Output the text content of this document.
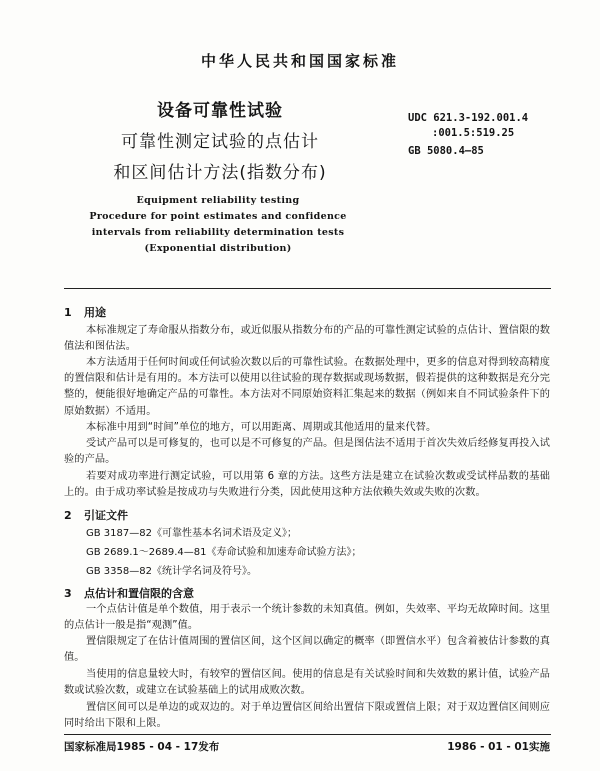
中华人民共和国国家标准
设备可靠性试验
可靠性测定试验的点估计
和区间估计方法(指数分布)
UDC 621.3-192.001.4
:001.5:519.25
GB 5080.4—85
Equipment reliability testing
Procedure for point estimates and confidence
intervals from reliability determination tests
(Exponential distribution)
1 用途
本标准规定了寿命服从指数分布，或近似服从指数分布的产品的可靠性测定试验的点估计、置信限的数值法和图估法。
本方法适用于任何时间或任何试验次数以后的可靠性试验。在数据处理中，更多的信息对得到较高精度的置信限和估计是有用的。本方法可以使用以往试验的现存数据或现场数据，假若提供的这种数据是充分完整的，便能很好地确定产品的可靠性。本方法对不同原始资料汇集起来的数据（例如来自不同试验条件下的原始数据）不适用。
本标准中用到“时间”单位的地方，可以用距离、周期或其他适用的量来代替。
受试产品可以是可修复的，也可以是不可修复的产品。但是图估法不适用于首次失效后经修复再投入试验的产品。
若要对成功率进行测定试验，可以用第 6 章的方法。这些方法是建立在试验次数或受试样品数的基础上的。由于成功率试验是按成功与失败进行分类，因此使用这种方法依赖失效或失败的次数。
2 引证文件
GB 3187—82《可靠性基本名词术语及定义》；
GB 2689.1～2689.4—81《寿命试验和加速寿命试验方法》；
GB 3358—82《统计学名词及符号》。
3 点估计和置信限的含意
一个点估计值是单个数值，用于表示一个统计参数的未知真值。例如，失效率、平均无故障时间。这里的点估计一般是指“观测”值。
置信限规定了在估计值周围的置信区间，这个区间以确定的概率（即置信水平）包含着被估计参数的真值。
当使用的信息量较大时，有较窄的置信区间。使用的信息是有关试验时间和失效数的累计值，试验产品数或试验次数，或建立在试验基础上的试用成败次数。
置信区间可以是单边的或双边的。对于单边置信区间给出置信下限或置信上限；对于双边置信区间则应同时给出下限和上限。
国家标准局1985 - 04 - 17发布	1986 - 01 - 01实施
